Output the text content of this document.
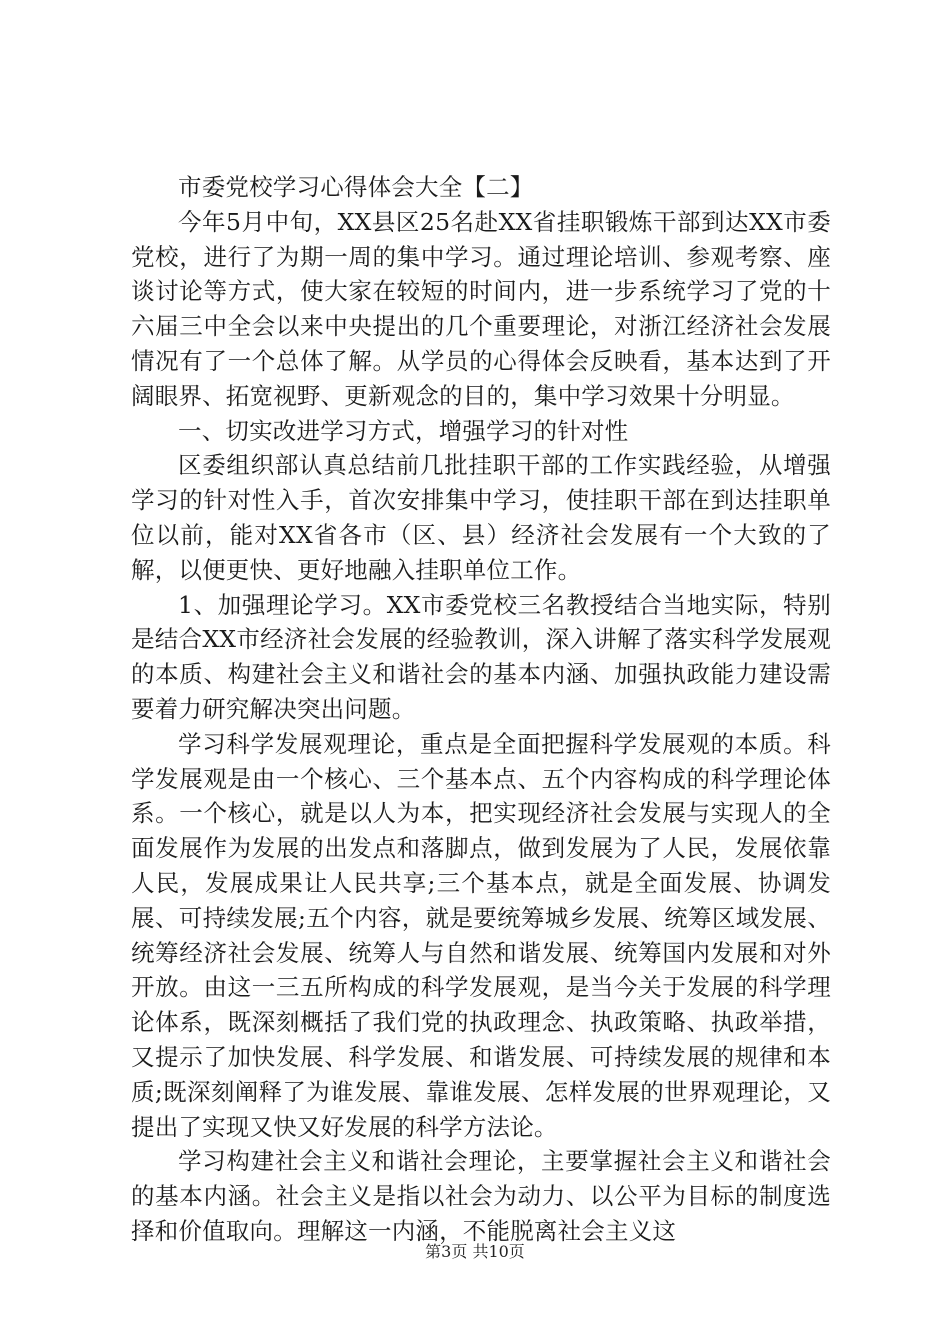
市委党校学习心得体会大全【二】

今年5月中旬，XX县区25名赴XX省挂职锻炼干部到达XX市委党校，进行了为期一周的集中学习。通过理论培训、参观考察、座谈讨论等方式，使大家在较短的时间内，进一步系统学习了党的十六届三中全会以来中央提出的几个重要理论，对浙江经济社会发展情况有了一个总体了解。从学员的心得体会反映看，基本达到了开阔眼界、拓宽视野、更新观念的目的，集中学习效果十分明显。

一、切实改进学习方式，增强学习的针对性

区委组织部认真总结前几批挂职干部的工作实践经验，从增强学习的针对性入手，首次安排集中学习，使挂职干部在到达挂职单位以前，能对XX省各市（区、县）经济社会发展有一个大致的了解，以便更快、更好地融入挂职单位工作。

1、加强理论学习。XX市委党校三名教授结合当地实际，特别是结合XX市经济社会发展的经验教训，深入讲解了落实科学发展观的本质、构建社会主义和谐社会的基本内涵、加强执政能力建设需要着力研究解决突出问题。

学习科学发展观理论，重点是全面把握科学发展观的本质。科学发展观是由一个核心、三个基本点、五个内容构成的科学理论体系。一个核心，就是以人为本，把实现经济社会发展与实现人的全面发展作为发展的出发点和落脚点，做到发展为了人民，发展依靠人民，发展成果让人民共享;三个基本点，就是全面发展、协调发展、可持续发展;五个内容，就是要统筹城乡发展、统筹区域发展、统筹经济社会发展、统筹人与自然和谐发展、统筹国内发展和对外开放。由这一三五所构成的科学发展观，是当今关于发展的科学理论体系，既深刻概括了我们党的执政理念、执政策略、执政举措，又提示了加快发展、科学发展、和谐发展、可持续发展的规律和本质;既深刻阐释了为谁发展、靠谁发展、怎样发展的世界观理论，又提出了实现又快又好发展的科学方法论。

学习构建社会主义和谐社会理论，主要掌握社会主义和谐社会的基本内涵。社会主义是指以社会为动力、以公平为目标的制度选择和价值取向。理解这一内涵，不能脱离社会主义这

第3页 共10页
